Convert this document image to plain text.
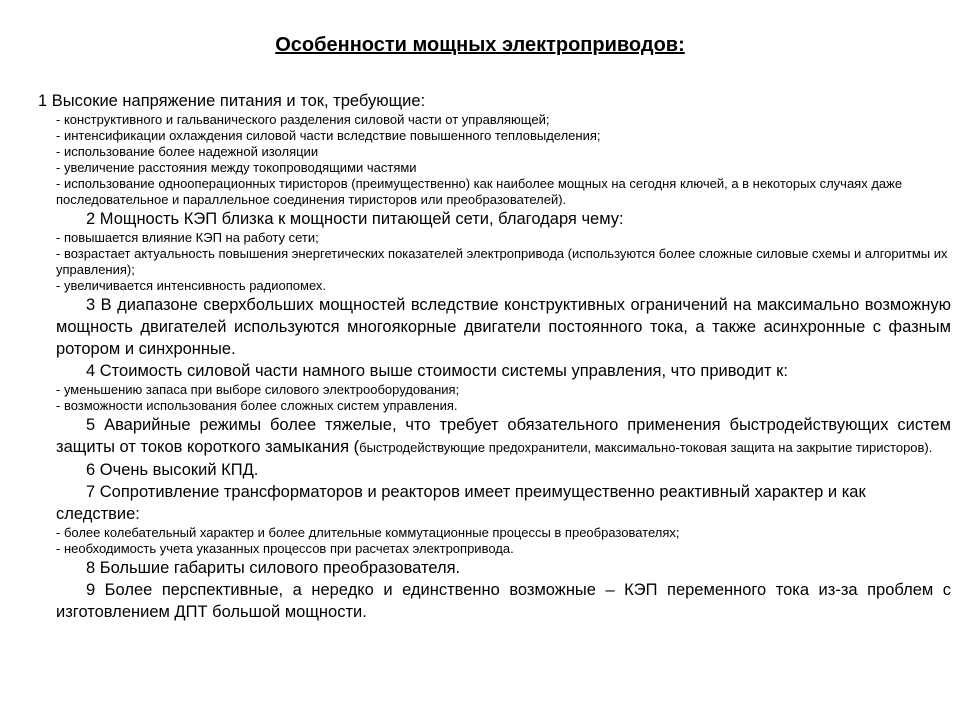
Особенности мощных электроприводов:

1 Высокие напряжение питания и ток, требующие:

- конструктивного и гальванического разделения силовой части от управляющей;

- интенсификации охлаждения силовой части вследствие повышенного тепловыделения;

- использование более надежной изоляции

- увеличение расстояния между токопроводящими частями

- использование однооперационных тиристоров (преимущественно) как наиболее мощных на сегодня ключей, а в некоторых случаях даже последовательное и параллельное соединения тиристоров или преобразователей).

2 Мощность КЭП близка к мощности питающей сети, благодаря чему:

- повышается влияние КЭП на работу сети;

- возрастает актуальность повышения энергетических показателей электропривода (используются более сложные силовые схемы и алгоритмы их управления);

- увеличивается интенсивность радиопомех.

3 В диапазоне сверхбольших мощностей вследствие конструктивных ограничений на максимально возможную мощность двигателей используются многоякорные двигатели постоянного тока, а также асинхронные с фазным ротором и синхронные.

4 Стоимость силовой части намного выше стоимости системы управления, что приводит к:

- уменьшению запаса при выборе силового электрооборудования;

- возможности использования более сложных систем управления.

5 Аварийные режимы более тяжелые, что требует обязательного применения быстродействующих систем защиты от токов короткого замыкания (быстродействующие предохранители, максимально-токовая защита на закрытие тиристоров).

6 Очень высокий КПД.

7 Сопротивление трансформаторов и реакторов имеет преимущественно реактивный характер и как следствие:

- более колебательный характер и более длительные коммутационные процессы в преобразователях;

- необходимость учета указанных процессов при расчетах электропривода.

8 Большие габариты силового преобразователя.

9 Более перспективные, а нередко и единственно возможные – КЭП переменного тока из-за проблем с изготовлением ДПТ большой мощности.
